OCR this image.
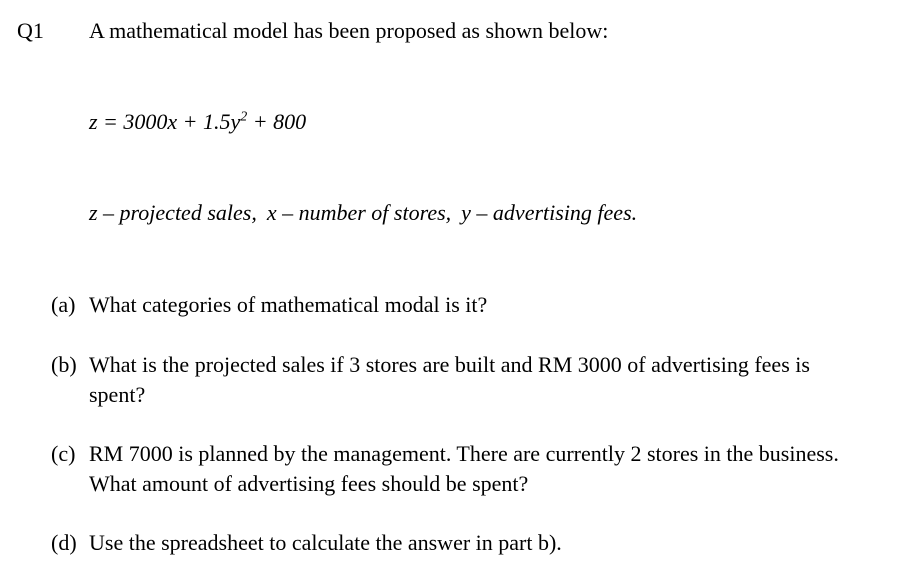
Q1 A mathematical model has been proposed as shown below:
$z = 3000x + 1.5y^2 + 800$
z – projected sales, x – number of stores, y – advertising fees.
(a) What categories of mathematical modal is it?
(b) What is the projected sales if 3 stores are built and RM 3000 of advertising fees is spent?
(c) RM 7000 is planned by the management. There are currently 2 stores in the business. What amount of advertising fees should be spent?
(d) Use the spreadsheet to calculate the answer in part b).
